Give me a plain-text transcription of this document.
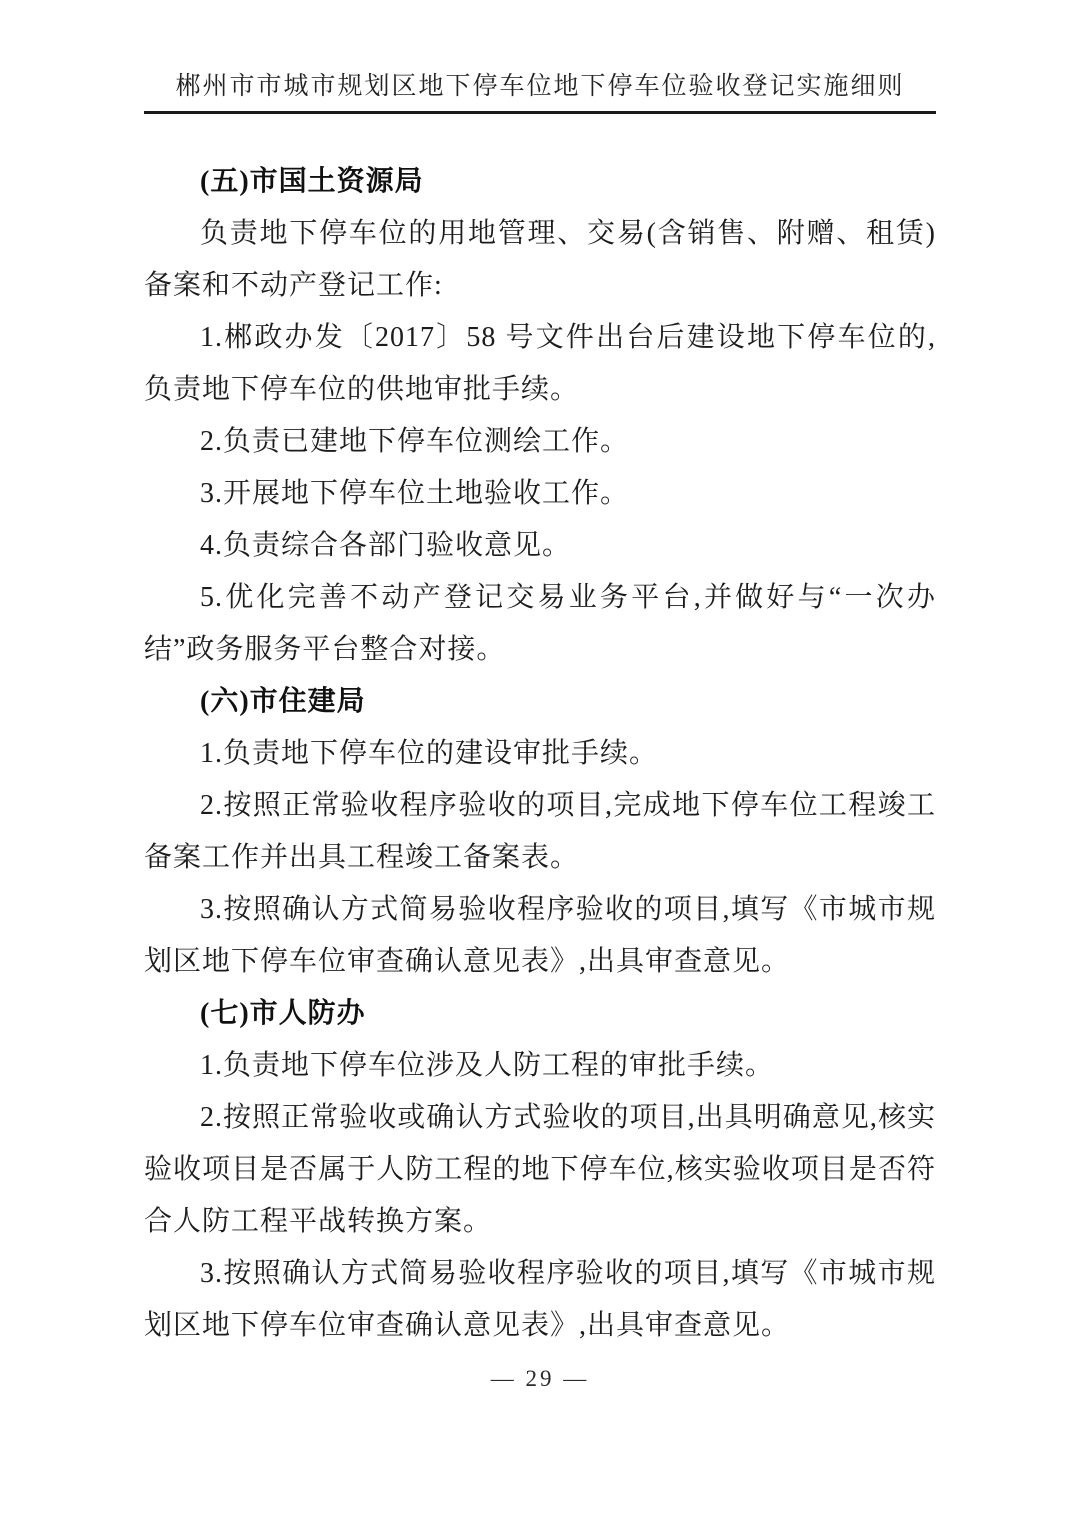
郴州市市城市规划区地下停车位地下停车位验收登记实施细则
(五)市国土资源局

负责地下停车位的用地管理、交易(含销售、附赠、租赁)备案和不动产登记工作:

1.郴政办发〔2017〕58 号文件出台后建设地下停车位的,负责地下停车位的供地审批手续。

2.负责已建地下停车位测绘工作。

3.开展地下停车位土地验收工作。

4.负责综合各部门验收意见。

5.优化完善不动产登记交易业务平台,并做好与“一次办结”政务服务平台整合对接。

(六)市住建局

1.负责地下停车位的建设审批手续。

2.按照正常验收程序验收的项目,完成地下停车位工程竣工备案工作并出具工程竣工备案表。

3.按照确认方式简易验收程序验收的项目,填写《市城市规划区地下停车位审查确认意见表》,出具审查意见。

(七)市人防办

1.负责地下停车位涉及人防工程的审批手续。

2.按照正常验收或确认方式验收的项目,出具明确意见,核实验收项目是否属于人防工程的地下停车位,核实验收项目是否符合人防工程平战转换方案。

3.按照确认方式简易验收程序验收的项目,填写《市城市规划区地下停车位审查确认意见表》,出具审查意见。

— 29 —
